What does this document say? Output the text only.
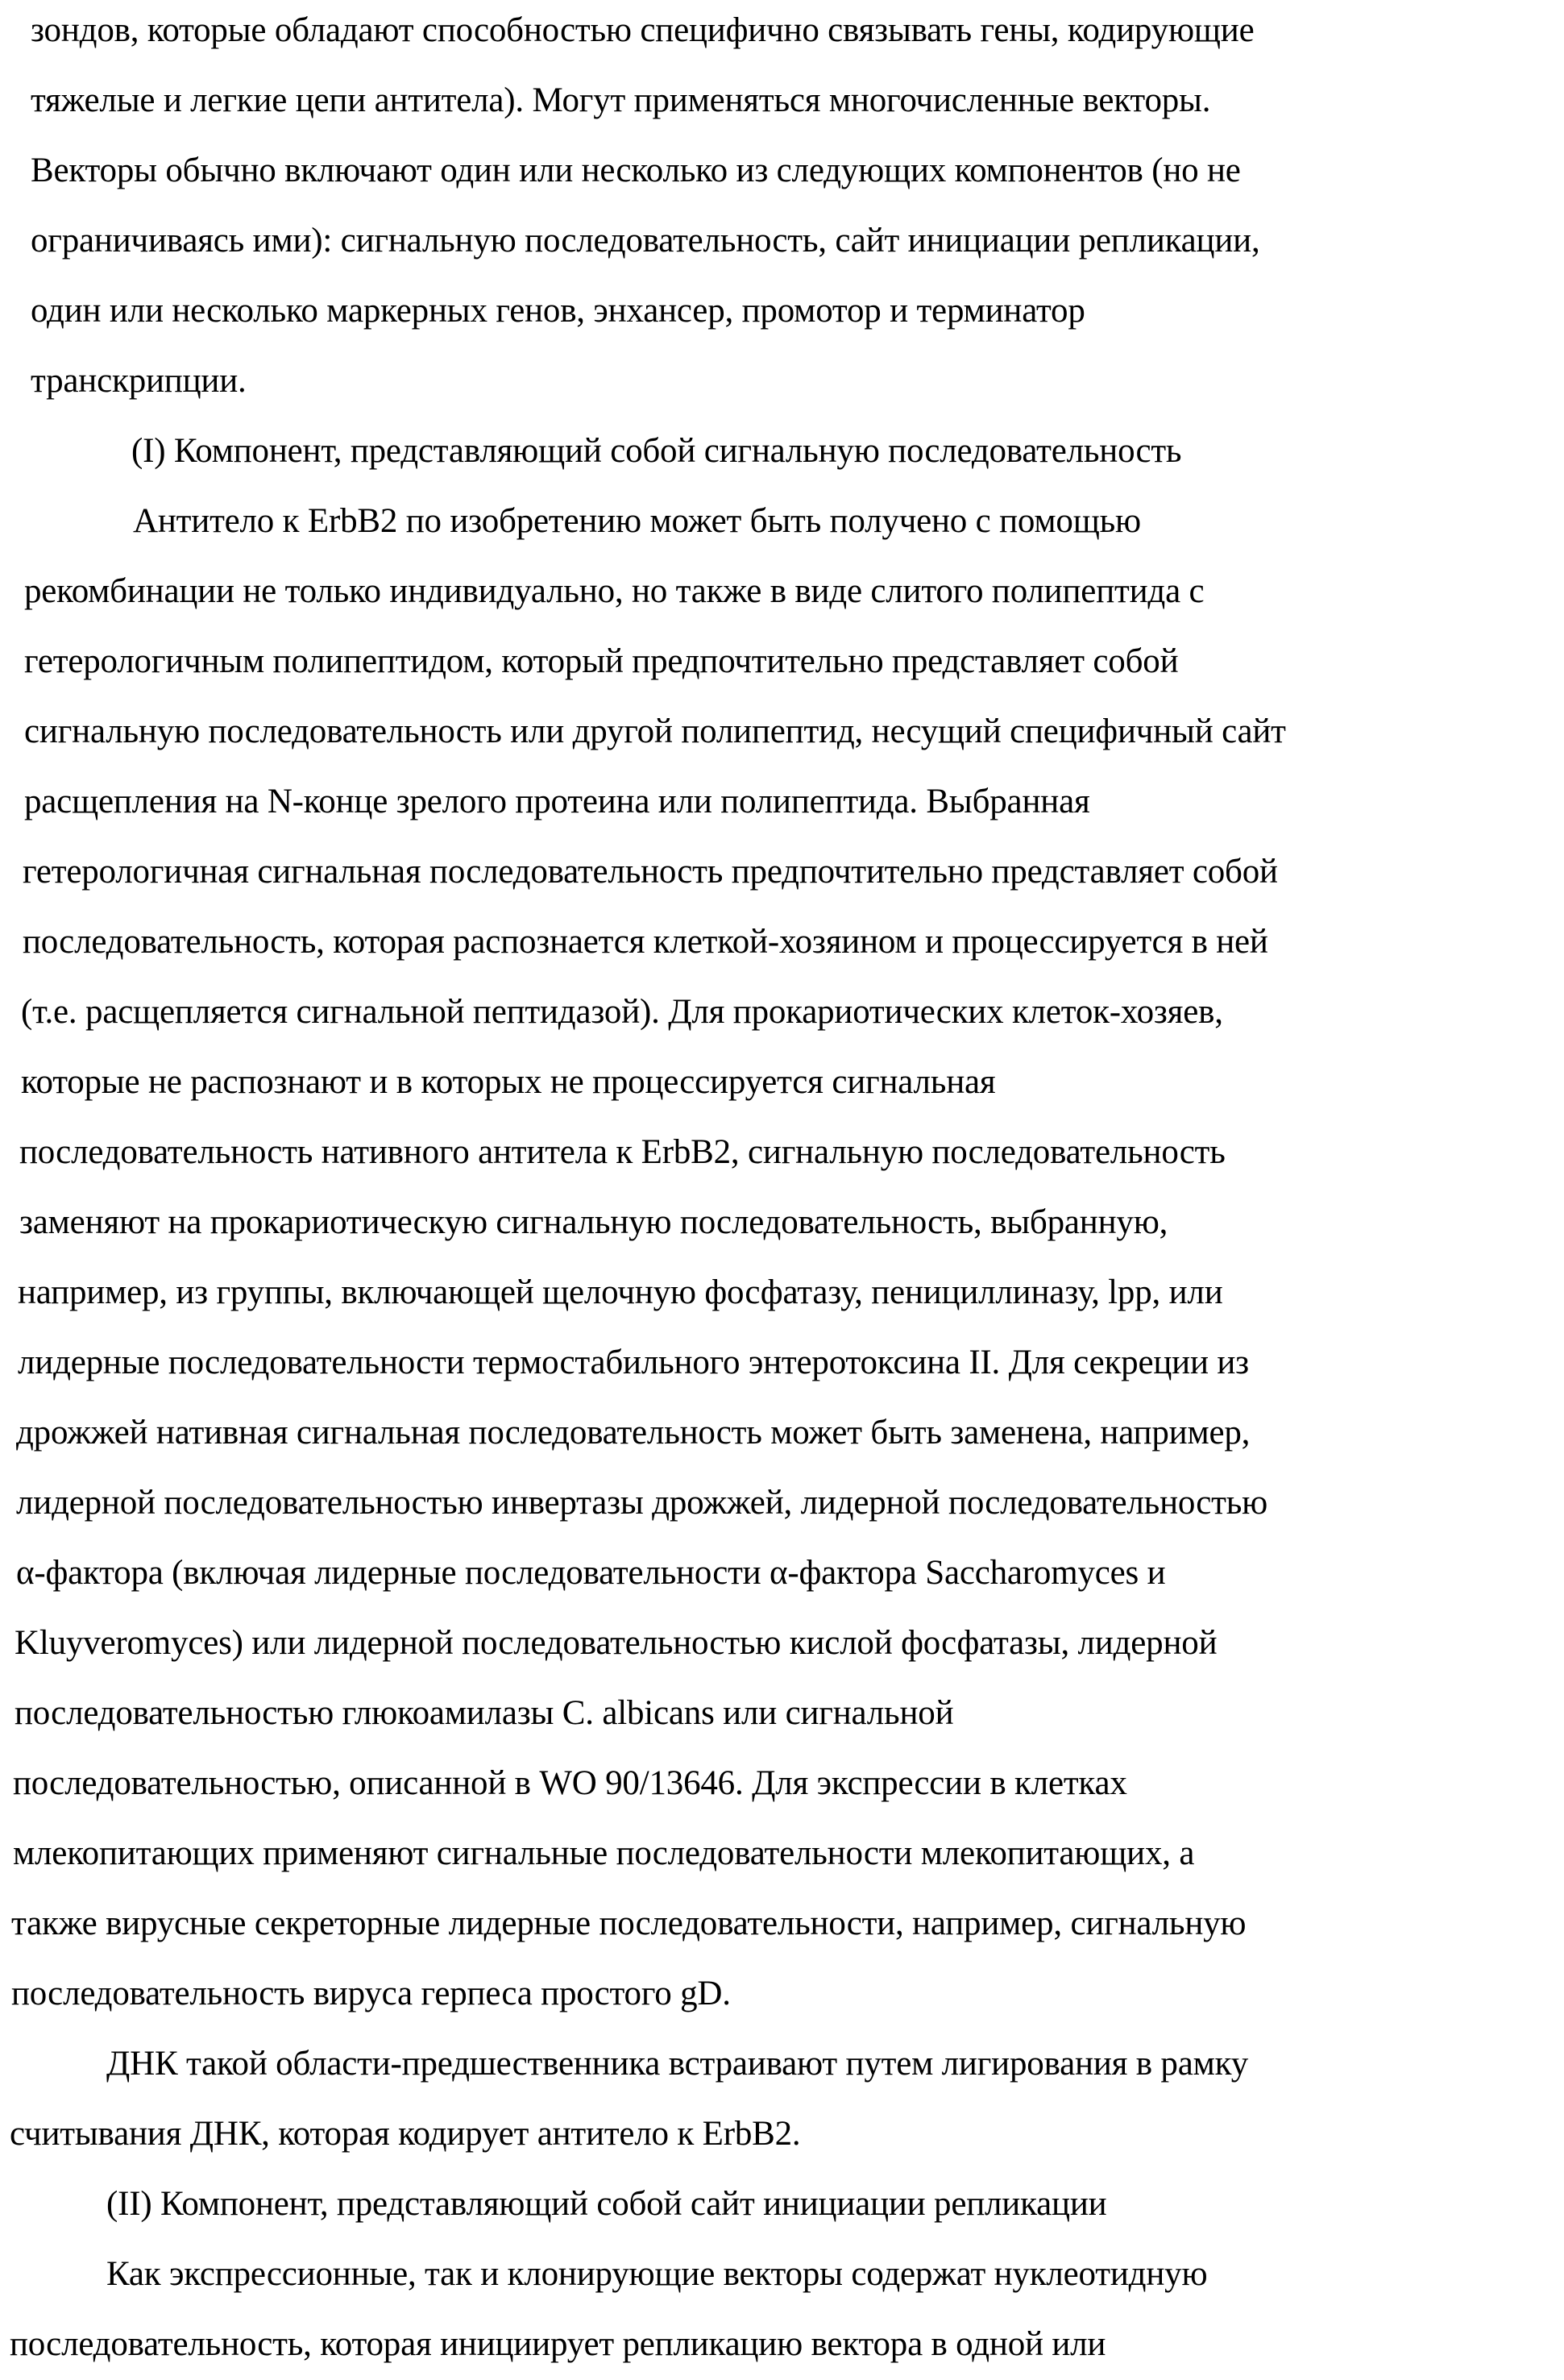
зондов, которые обладают способностью специфично связывать гены, кодирующие
тяжелые и легкие цепи антитела). Могут применяться многочисленные векторы.
Векторы обычно включают один или несколько из следующих компонентов (но не
ограничиваясь ими): сигнальную последовательность, сайт инициации репликации,
один или несколько маркерных генов, энхансер, промотор и терминатор
транскрипции.
(I) Компонент, представляющий собой сигнальную последовательность
Антитело к ErbB2 по изобретению может быть получено с помощью
рекомбинации не только индивидуально, но также в виде слитого полипептида с
гетерологичным полипептидом, который предпочтительно представляет собой
сигнальную последовательность или другой полипептид, несущий специфичный сайт
расщепления на N-конце зрелого протеина или полипептида. Выбранная
гетерологичная сигнальная последовательность предпочтительно представляет собой
последовательность, которая распознается клеткой-хозяином и процессируется в ней
(т.е. расщепляется сигнальной пептидазой). Для прокариотических клеток-хозяев,
которые не распознают и в которых не процессируется сигнальная
последовательность нативного антитела к ErbB2, сигнальную последовательность
заменяют на прокариотическую сигнальную последовательность, выбранную,
например, из группы, включающей щелочную фосфатазу, пенициллиназу, lpp, или
лидерные последовательности термостабильного энтеротоксина II. Для секреции из
дрожжей нативная сигнальная последовательность может быть заменена, например,
лидерной последовательностью инвертазы дрожжей, лидерной последовательностью
α-фактора (включая лидерные последовательности α-фактора Saccharomyces и
Kluyveromyces) или лидерной последовательностью кислой фосфатазы, лидерной
последовательностью глюкоамилазы C. albicans или сигнальной
последовательностью, описанной в WO 90/13646. Для экспрессии в клетках
млекопитающих применяют сигнальные последовательности млекопитающих, а
также вирусные секреторные лидерные последовательности, например, сигнальную
последовательность вируса герпеса простого gD.
ДНК такой области-предшественника встраивают путем лигирования в рамку
считывания ДНК, которая кодирует антитело к ErbB2.
(II) Компонент, представляющий собой сайт инициации репликации
Как экспрессионные, так и клонирующие векторы содержат нуклеотидную
последовательность, которая инициирует репликацию вектора в одной или
